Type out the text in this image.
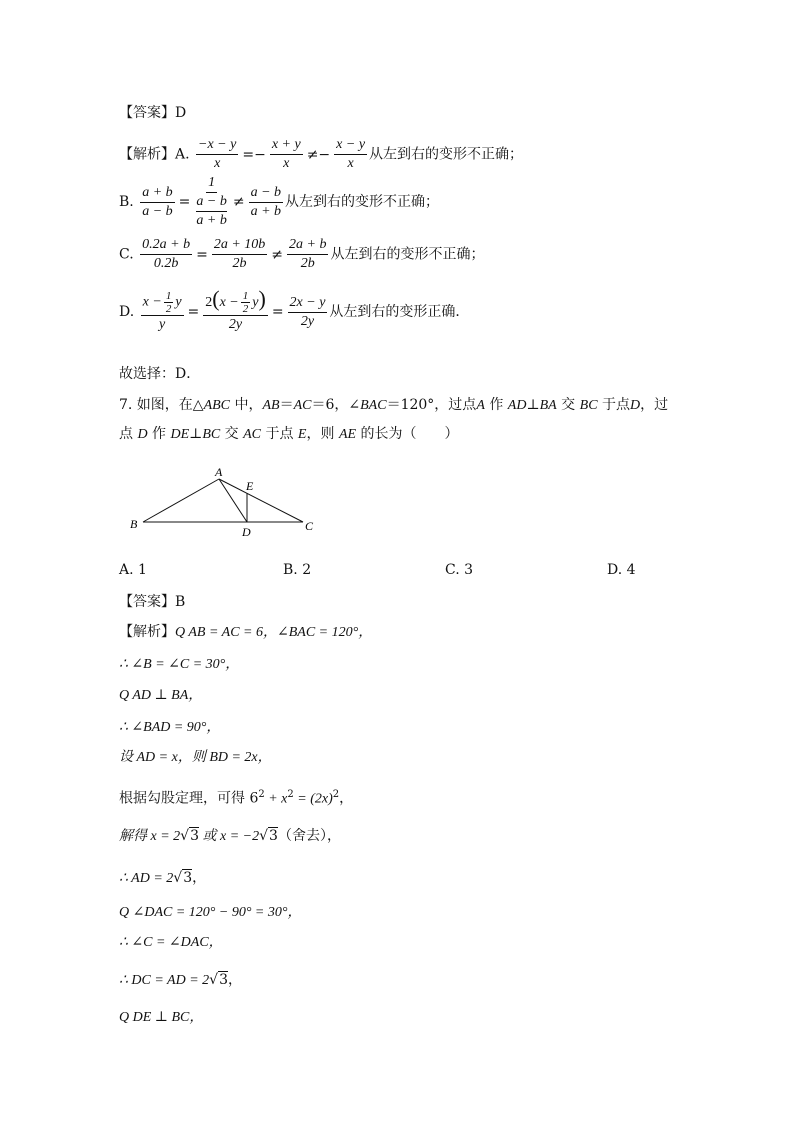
【答案】D
【解析】A. $\frac{-x - y}{x} =- \frac{x + y}{x} \ne- \frac{x - y}{x}$ 从左到右的变形不正确；
B. $\frac{a + b}{a - b} = \frac{1}{\frac{a - b}{a + b}} \ne \frac{a - b}{a + b}$ 从左到右的变形不正确；
C. $\frac{0.2a + b}{0.2b} = \frac{2a + 10b}{2b} \ne \frac{2a + b}{2b}$ 从左到右的变形不正确；
D. $\frac{x - \frac{1}{2} y}{y} = \frac{2(x - \frac{1}{2} y)}{2y} = \frac{2x - y}{2y}$ 从左到右的变形正确．
故选择：D．
7. 如图，在△ABC 中，AB＝AC＝6，∠BAC＝120°，过点A 作 AD⊥BA 交 BC 于点D，过
点 D 作 DE⊥BC 交 AC 于点 E，则 AE 的长为（　　）
A
B	C
D
E
A. 1	B. 2	C. 3	D. 4
【答案】B
【解析】Q AB = AC = 6，∠BAC = 120°，
∴ ∠B = ∠C = 30°，
Q AD ⊥ BA，
∴ ∠BAD = 90°，
设 AD = x，则 BD = 2x，
根据勾股定理，可得 $6^2 + x^2 = (2x)^2$，
解得 x = 2√3 或 x = −2√3（舍去），
∴ AD = 2√3，
Q ∠DAC = 120° − 90° = 30°，
∴ ∠C = ∠DAC，
∴ DC = AD = 2√3，
Q DE ⊥ BC，
